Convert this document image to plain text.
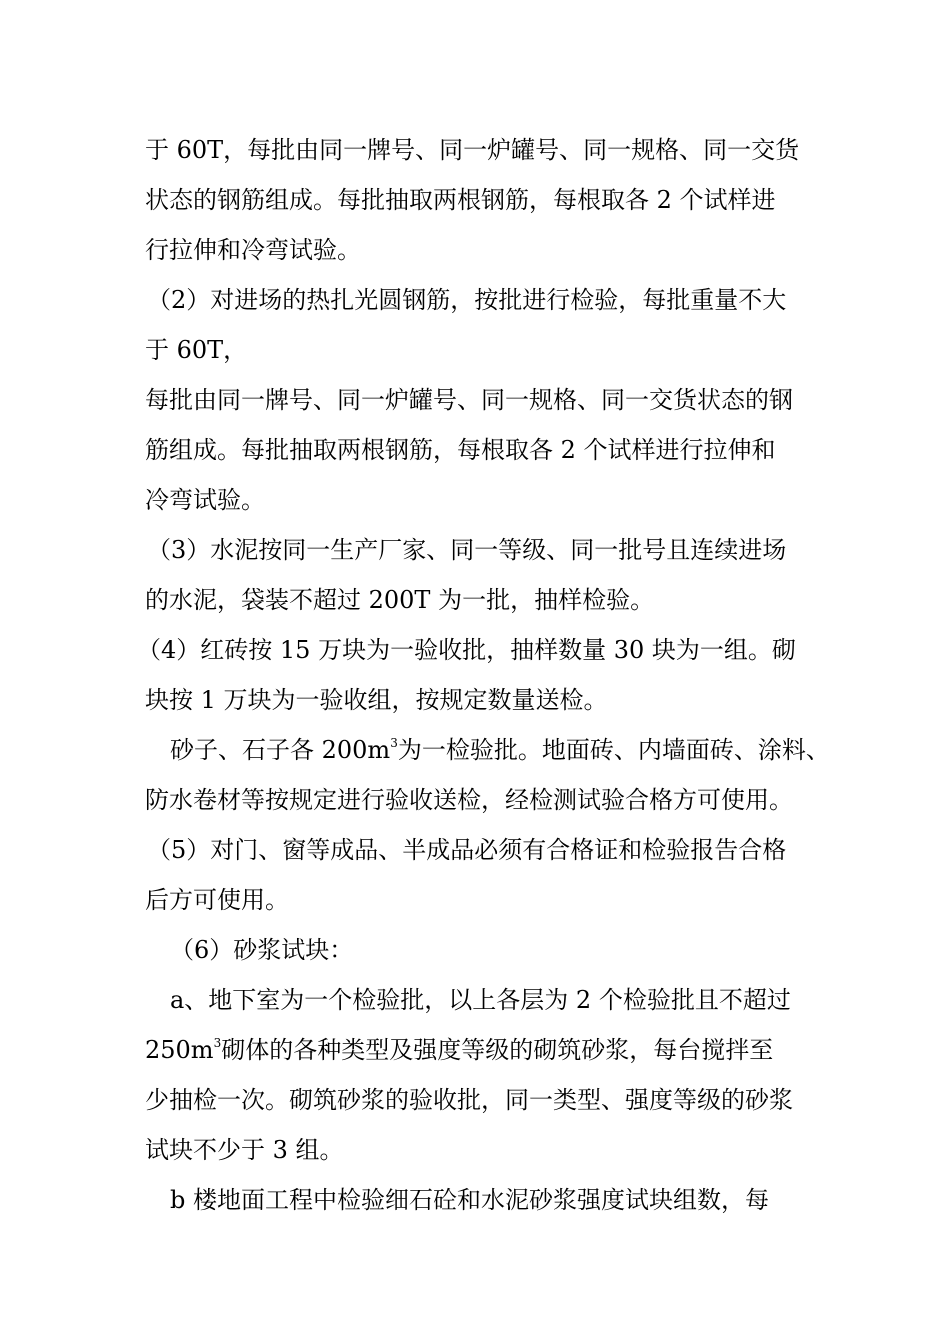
于 60T，每批由同一牌号、同一炉罐号、同一规格、同一交货
状态的钢筋组成。每批抽取两根钢筋，每根取各 2 个试样进
行拉伸和冷弯试验。
（2）对进场的热扎光圆钢筋，按批进行检验，每批重量不大
于 60T，
每批由同一牌号、同一炉罐号、同一规格、同一交货状态的钢
筋组成。每批抽取两根钢筋，每根取各 2 个试样进行拉伸和
冷弯试验。
（3）水泥按同一生产厂家、同一等级、同一批号且连续进场
的水泥，袋装不超过 200T 为一批，抽样检验。
（4）红砖按 15 万块为一验收批，抽样数量 30 块为一组。砌
块按 1 万块为一验收组，按规定数量送检。
砂子、石子各 $200m^3$为一检验批。地面砖、内墙面砖、涂料、
防水卷材等按规定进行验收送检，经检测试验合格方可使用。
（5）对门、窗等成品、半成品必须有合格证和检验报告合格
后方可使用。
（6）砂浆试块：
a、地下室为一个检验批，以上各层为 2 个检验批且不超过
$250m^3$砌体的各种类型及强度等级的砌筑砂浆，每台搅拌至
少抽检一次。砌筑砂浆的验收批，同一类型、强度等级的砂浆
试块不少于 3 组。
b 楼地面工程中检验细石砼和水泥砂浆强度试块组数，每
